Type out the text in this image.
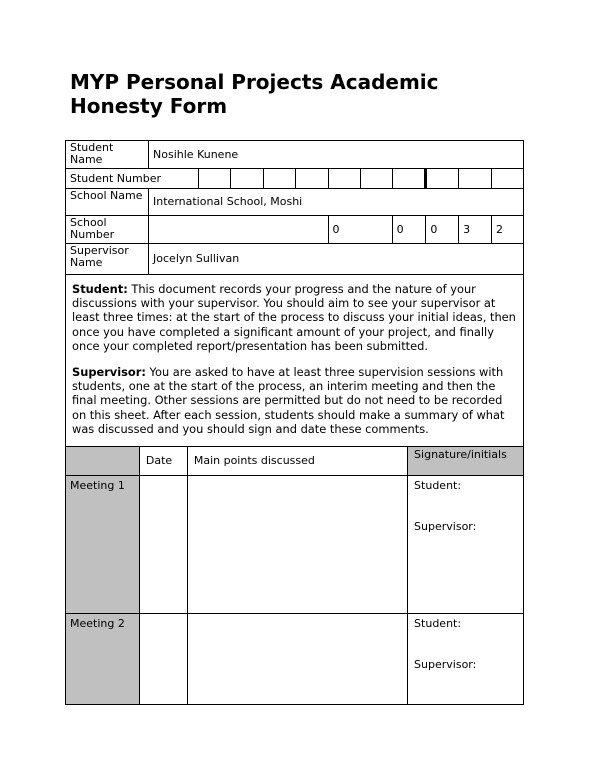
MYP Personal Projects Academic Honesty Form
Student Name	Nosihle Kunene										
Student Number											
School Name	International School, Moshi										
School Number						0		0	0	3	2
Supervisor Name	Jocelyn Sullivan										

Student: This document records your progress and the nature of your discussions with your supervisor. You should aim to see your supervisor at least three times: at the start of the process to discuss your initial ideas, then once you have completed a significant amount of your project, and finally once your completed report/presentation has been submitted.

Supervisor: You are asked to have at least three supervision sessions with students, one at the start of the process, an interim meeting and then the final meeting. Other sessions are permitted but do not need to be recorded on this sheet. After each session, students should make a summary of what was discussed and you should sign and date these comments.

	Date	Main points discussed	Signature/initials
Meeting 1			Student:
Supervisor:

Meeting 2			Student:
Supervisor:
